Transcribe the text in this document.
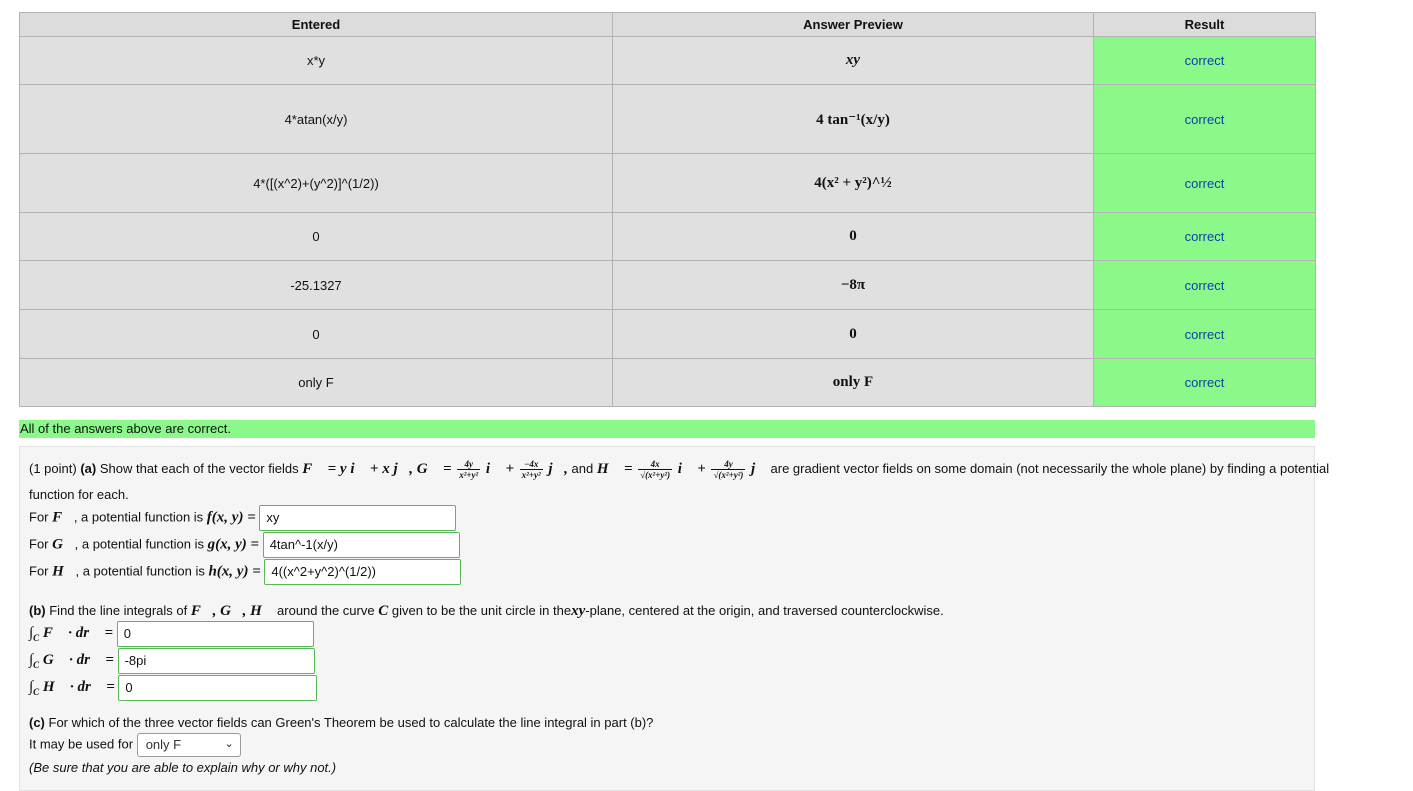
Entered	Answer Preview	Result
x*y	xy	correct
4*atan(x/y)	4 tan⁻¹(x/y)	correct
4*([(x^2)+(y^2)]^(1/2))	4(x² + y²)^½	correct
0	0	correct
-25.1327	−8π	correct
0	0	correct
only F	only F	correct
All of the answers above are correct.
(1 point) (a) Show that each of the vector fields F⃗ = y i⃗ + x j⃗, G⃗ = $\frac{4y}{\text{x²+y²}}$ i⃗ + $\frac{-4x}{\text{x²+y²}}$ j⃗, and H⃗ = $\frac{4x}{\text{√(x²+y²)}}$ i⃗ + $\frac{4y}{\text{√(x²+y²)}}$ j⃗ are gradient vector fields on some domain (not necessarily the whole plane) by finding a potential
function for each.
For F⃗, a potential function is f(x, y) = xy
For G⃗, a potential function is g(x, y) = 4tan^-1(x/y)
For H⃗, a potential function is h(x, y) = 4((x^2+y^2)^(1/2))
(b) Find the line integrals of F⃗, G⃗, H⃗ around the curve C given to be the unit circle in thexy-plane, centered at the origin, and traversed counterclockwise.
$\int_C$ F⃗ · dr⃗ = 0
$\int_C$ G⃗ · dr⃗ = -8pi
$\int_C$ H⃗ · dr⃗ = 0
(c) For which of the three vector fields can Green's Theorem be used to calculate the line integral in part (b)?
It may be used for only F	⌄
(Be sure that you are able to explain why or why not.)
